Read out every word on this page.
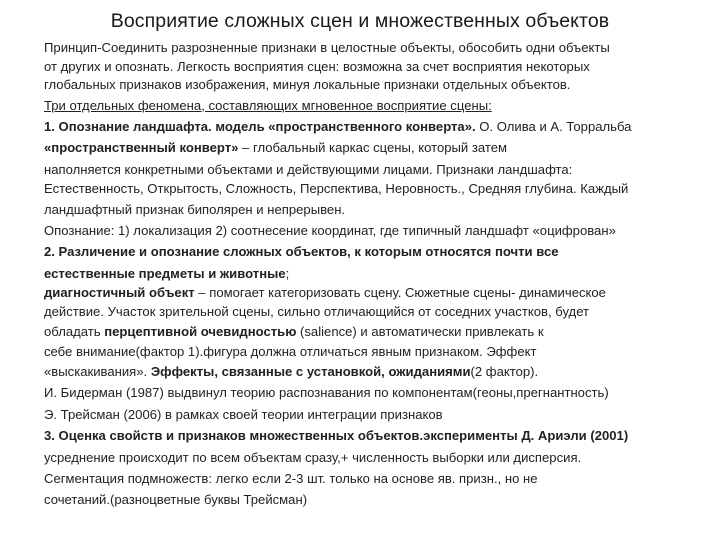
Восприятие сложных сцен и множественных объектов
Принцип-Соединить разрозненные признаки в целостные объекты, обособить одни объекты
от других и опознать. Легкость восприятия сцен: возможна за счет восприятия некоторых
глобальных признаков изображения, минуя локальные признаки отдельных объектов.
Три отдельных феномена, составляющих мгновенное восприятие сцены:
1. Опознание ландшафта. модель «пространственного конверта». О. Олива и А. Торральба
«пространственный конверт» – глобальный каркас сцены, который затем
наполняется конкретными объектами и действующими лицами. Признаки ландшафта:
Естественность, Открытость, Сложность, Перспектива, Неровность., Средняя глубина. Каждый
ландшафтный признак биполярен и непрерывен.
Опознание: 1) локализация 2) соотнесение координат, где типичный ландшафт «оцифрован»
2. Различение и опознание сложных объектов, к которым относятся почти все
естественные предметы и животные;
диагностичный объект – помогает категоризовать сцену. Сюжетные сцены- динамическое
действие. Участок зрительной сцены, сильно отличающийся от соседних участков, будет
обладать перцептивной очевидностью (salience) и автоматически привлекать к
себе внимание(фактор 1).фигура должна отличаться явным признаком. Эффект
«выскакивания». Эффекты, связанные с установкой, ожиданиями(2 фактор).
И. Бидерман (1987) выдвинул теорию распознавания по компонентам(геоны,прегнантность)
Э. Трейсман (2006) в рамках своей теории интеграции признаков
3. Оценка свойств и признаков множественных объектов.эксперименты Д. Ариэли (2001)
усреднение происходит по всем объектам сразу,+ численность выборки или дисперсия.
Сегментация подмножеств: легко если 2-3 шт. только на основе яв. призн., но не
сочетаний.(разноцветные буквы Трейсман)
